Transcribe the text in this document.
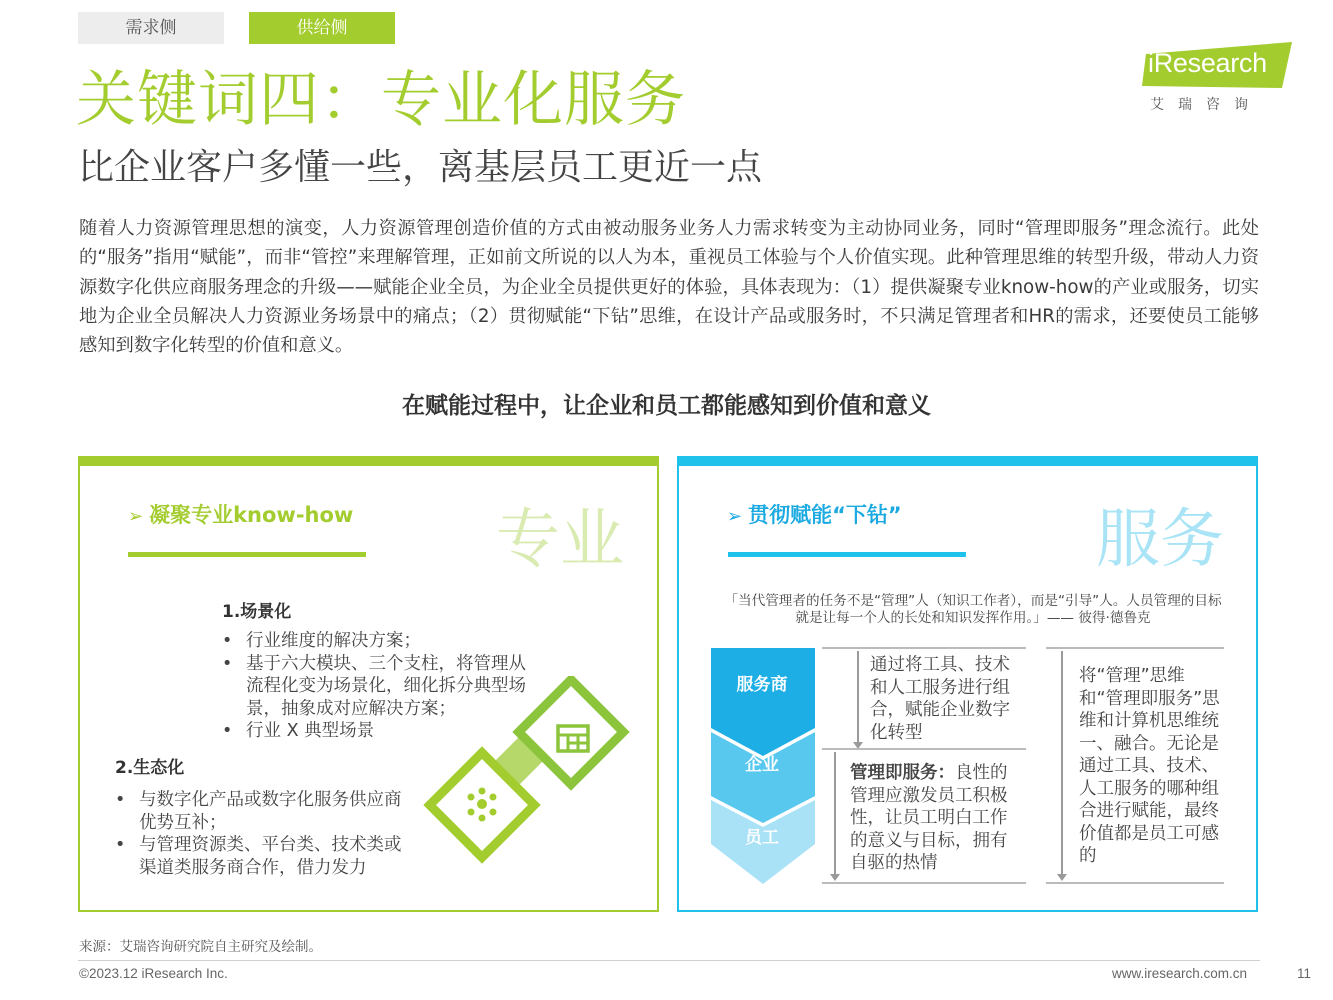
需求侧	供给侧
iResearch
艾瑞咨询
关键词四：专业化服务
比企业客户多懂一些，离基层员工更近一点

随着人力资源管理思想的演变，人力资源管理创造价值的方式由被动服务业务人力需求转变为主动协同业务，同时“管理即服务”理念流行。此处的“服务”指用“赋能”，而非“管控”来理解管理，正如前文所说的以人为本，重视员工体验与个人价值实现。此种管理思维的转型升级，带动人力资源数字化供应商服务理念的升级——赋能企业全员，为企业全员提供更好的体验，具体表现为：（1）提供凝聚专业know-how的产业或服务，切实地为企业全员解决人力资源业务场景中的痛点；（2）贯彻赋能“下钻”思维，在设计产品或服务时，不只满足管理者和HR的需求，还要使员工能够感知到数字化转型的价值和意义。

在赋能过程中，让企业和员工都能感知到价值和意义
➢ 凝聚专业know-how 专业
1.场景化
• 行业维度的解决方案；
• 基于六大模块、三个支柱，将管理从流程化变为场景化，细化拆分典型场景，抽象成对应解决方案；
• 行业 X 典型场景
2.生态化
• 与数字化产品或数字化服务供应商优势互补；
• 与管理资源类、平台类、技术类或渠道类服务商合作，借力发力
➢ 贯彻赋能“下钻”	服务
「当代管理者的任务不是“管理”人（知识工作者），而是“引导”人。人员管理的目标就是让每一个人的长处和知识发挥作用。」—— 彼得·德鲁克
服务商
企业
员工
通过将工具、技术和人工服务进行组合，赋能企业数字化转型
管理即服务：良性的管理应激发员工积极性，让员工明白工作的意义与目标，拥有自驱的热情
将“管理”思维和“管理即服务”思维和计算机思维统一、融合。无论是通过工具、技术、人工服务的哪种组合进行赋能，最终价值都是员工可感的
来源：艾瑞咨询研究院自主研究及绘制。
©2023.12 iResearch Inc.	www.iresearch.com.cn	11
